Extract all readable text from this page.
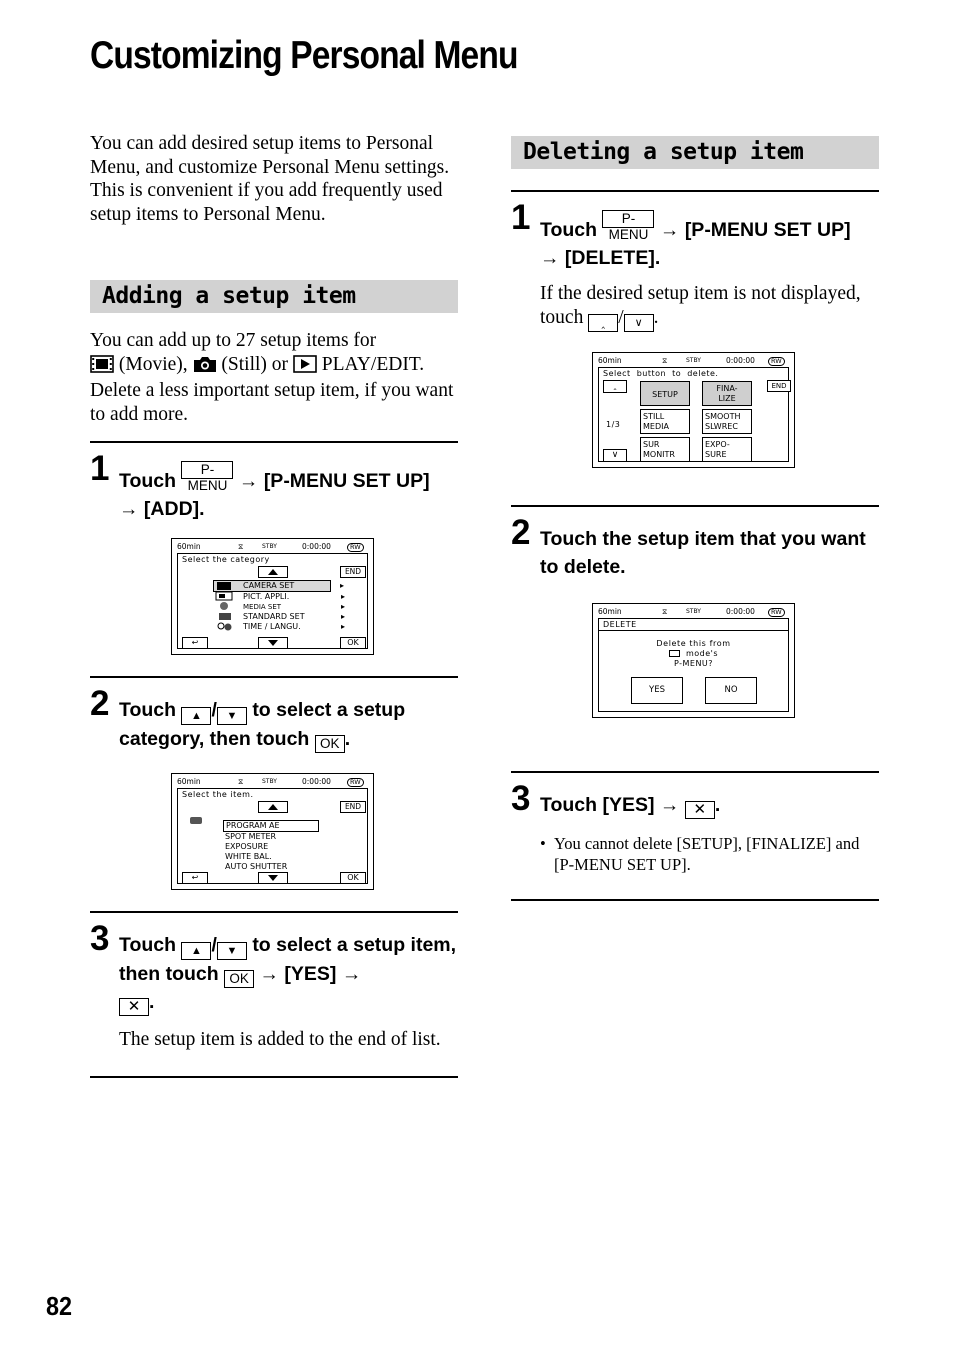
Customizing Personal Menu
You can add desired setup items to Personal Menu, and customize Personal Menu settings. This is convenient if you add frequently used setup items to Personal Menu.
Adding a setup item
You can add up to 27 setup items for
(Movie), (Still) or PLAY/EDIT.
Delete a less important setup item, if you want to add more.
1 Touch P-MENU → [P-MENU SET UP]
→ [ADD].
60min	⧖	STBY	0:00:00	RW
Select the category
END
CAMERA SET ▸
PICT. APPLI. ▸
MEDIA SET ▸
STANDARD SET ▸
TIME / LANGU. ▸
↩	OK
2 Touch ▲ / ▼ to select a setup category, then touch OK .
60min	⧖	STBY	0:00:00	RW
Select the item.
END
PROGRAM AE
SPOT METER
EXPOSURE
WHITE BAL.
AUTO SHUTTER
↩	OK
3 Touch ▲ / ▼ to select a setup item, then touch OK → [YES] →
✕ .
The setup item is added to the end of list.
Deleting a setup item
1 Touch P-MENU → [P-MENU SET UP]
→ [DELETE].
If the desired setup item is not displayed, touch ‸ / ∨ .
60min	⧖	STBY	0:00:00	RW
Select button to delete.
‸	END
1/3
∨
SETUP
FINA-LIZE
STILL MEDIA
SMOOTH SLWREC
SUR MONITR
EXPO-SURE
2 Touch the setup item that you want to delete.
60min	⧖	STBY	0:00:00	RW
DELETE
Delete this from
mode's
P-MENU?
YES	NO
3 Touch [YES] → ✕ .
• You cannot delete [SETUP], [FINALIZE] and [P-MENU SET UP].
82
